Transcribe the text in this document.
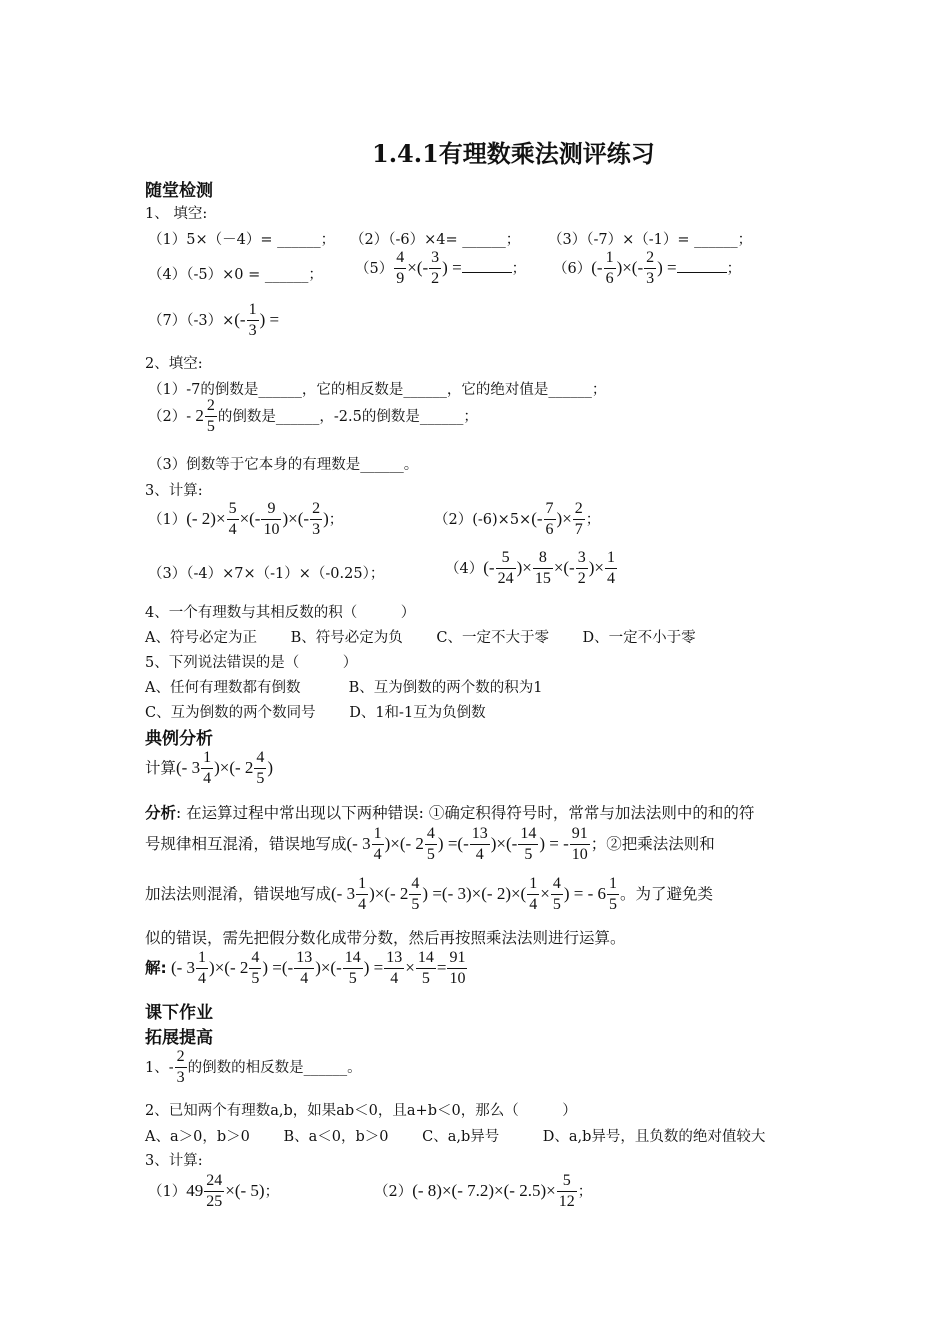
1.4.1有理数乘法测评练习
随堂检测
1、 填空:
（1）5×（－4）= ______； （2）（-6）×4= ______； （3）（-7）×（-1）= ______；
（4）（-5）×0 = ______； $(5) \frac{4}{9}$ ×(- $\frac{3}{2}$ ) =	； $(6)(- \frac{1}{6}$ )×(- $\frac{2}{3}$ ) =	；
$(7)(-3)\times(- \frac{1}{3}$ ) =
2、填空:
（1）-7的倒数是______，它的相反数是______，它的绝对值是______；
（2）- $2 \frac{2}{5}$ 的倒数是______，-2.5的倒数是______；
（3）倒数等于它本身的有理数是______。
3、计算:
（1）(- $2)\times \frac{5}{4}$ ×(- $\frac{9}{10}$ )×(- $\frac{2}{3}$ )；	$(2)(-6)\times 5\times(- \frac{7}{6}$ )× $\frac{2}{7}$ ；
（3）（-4）×7×（-1）×（-0.25）；	$(4)(- \frac{5}{24}$ )× $\frac{8}{15}$ ×(- $\frac{3}{2}$ )× $\frac{1}{4}$
4、一个有理数与其相反数的积（　　　）
A、符号必定为正　　 B、符号必定为负　　 C、一定不大于零　　 D、一定不小于零
5、下列说法错误的是（　　　）
A、任何有理数都有倒数　　　 B、互为倒数的两个数的积为1
C、互为倒数的两个数同号　　 D、1和-1互为负倒数
典例分析
计算(- $3 \frac{1}{4}$ )×(- $2 \frac{4}{5}$ )
分析: 在运算过程中常出现以下两种错误: ①确定积得符号时，常常与加法法则中的和的符
号规律相互混淆，错误地写成(- $3 \frac{1}{4}$ )×(- $2 \frac{4}{5}$ ) =(- $\frac{13}{4}$ )×(- $\frac{14}{5}$ ) = - $\frac{91}{10}$ ；②把乘法法则和
加法法则混淆，错误地写成(- $3 \frac{1}{4}$ )×(- $2 \frac{4}{5}$ ) =(- 3)×(- $2)\times( \frac{1}{4} \times \frac{4}{5}$ ) = - $6 \frac{1}{5}$ 。为了避免类
似的错误，需先把假分数化成带分数，然后再按照乘法法则进行运算。
解: (- $3 \frac{1}{4}$ )×(- $2 \frac{4}{5}$ ) =(- $\frac{13}{4}$ )×(- $\frac{14}{5}$ ) = $\frac{13}{4} \times \frac{14}{5} = \frac{91}{10}$
课下作业
拓展提高
1、- $\frac{2}{3}$ 的倒数的相反数是______。
2、已知两个有理数a,b，如果ab＜0，且a+b＜0，那么（　　　）
A、a＞0，b＞0　　 B、a＜0，b＞0　　 C、a,b异号　　　D、a,b异号，且负数的绝对值较大
3、计算:
$(1)49 \frac{24}{25}$ ×(- 5)；	（2）(- 8)×(- 7.2)×(- $2.5)\times \frac{5}{12}$ ；
